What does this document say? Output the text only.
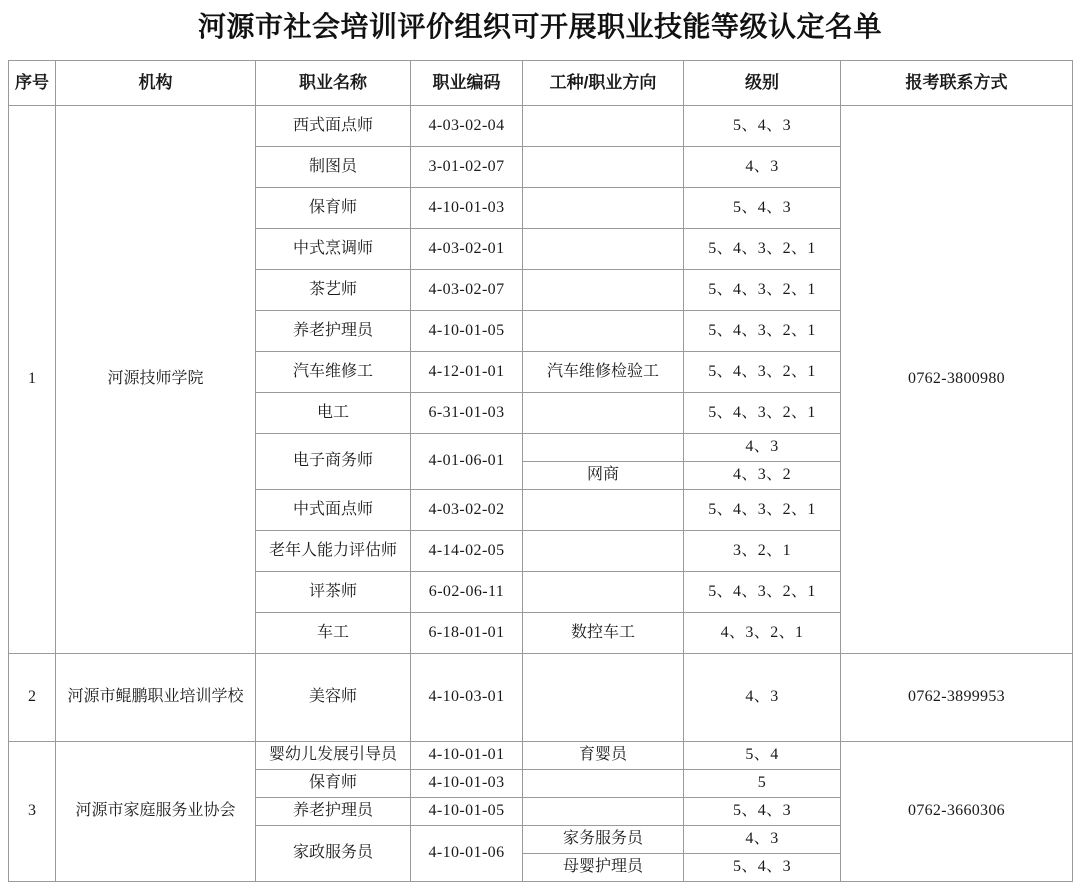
河源市社会培训评价组织可开展职业技能等级认定名单
序号	机构	职业名称	职业编码	工种/职业方向	级别	报考联系方式
1	河源技师学院	西式面点师	4-03-02-04		5、4、3	0762-3800980
		制图员	3-01-02-07		4、3	
		保育师	4-10-01-03		5、4、3	
		中式烹调师	4-03-02-01		5、4、3、2、1	
		茶艺师	4-03-02-07		5、4、3、2、1	
		养老护理员	4-10-01-05		5、4、3、2、1	
		汽车维修工	4-12-01-01	汽车维修检验工	5、4、3、2、1	
		电工	6-31-01-03		5、4、3、2、1	
		电子商务师	4-01-06-01		4、3	
				网商	4、3、2	
		中式面点师	4-03-02-02		5、4、3、2、1	
		老年人能力评估师	4-14-02-05		3、2、1	
		评茶师	6-02-06-11		5、4、3、2、1	
		车工	6-18-01-01	数控车工	4、3、2、1	
2	河源市鲲鹏职业培训学校	美容师	4-10-03-01		4、3	0762-3899953
3	河源市家庭服务业协会	婴幼儿发展引导员	4-10-01-01	育婴员	5、4	0762-3660306
		保育师	4-10-01-03		5	
		养老护理员	4-10-01-05		5、4、3	
		家政服务员	4-10-01-06	家务服务员	4、3	
				母婴护理员	5、4、3	
